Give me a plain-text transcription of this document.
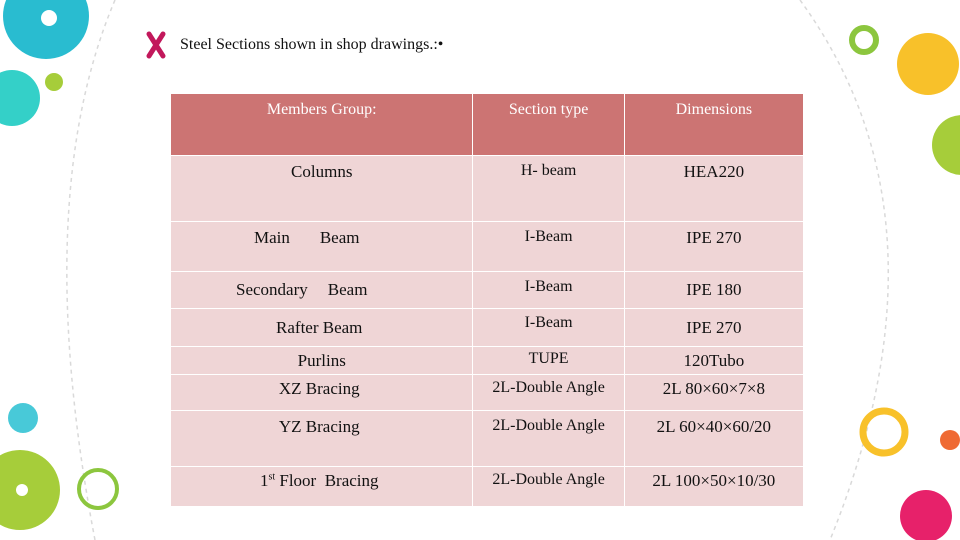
Steel Sections shown in shop drawings.:•
Members Group:	Section type	Dimensions
Columns	H- beam	HEA220
Main Beam	I-Beam	IPE 270
Secondary Beam	I-Beam	IPE 180
Rafter Beam	I-Beam	IPE 270
Purlins	TUPE	120Tubo
XZ Bracing	2L-Double Angle	2L 80×60×7×8
YZ Bracing	2L-Double Angle	2L 60×40×60/20
1st Floor  Bracing	2L-Double Angle	2L 100×50×10/30
